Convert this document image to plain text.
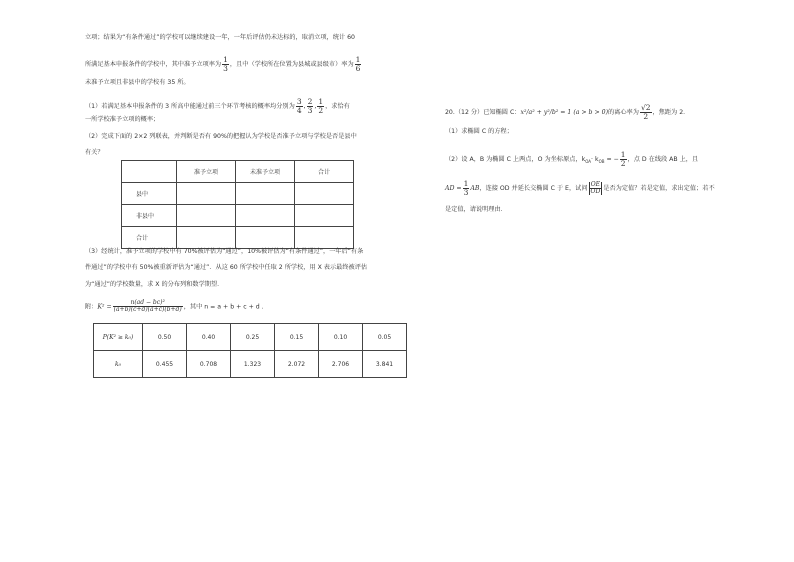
立项；结果为“有条件通过”的学校可以继续建设一年，一年后评估仍未达标的，取消立项，统计 60
所满足基本申报条件的学校中，其中准予立项率为 $\frac{1}{3}$ ，且中（学校所在位置为县城或县级市）率为 $\frac{1}{6}$
未准予立项且非县中的学校有 35 所。
（1）若满足基本申报条件的 3 所高中能通过前三个环节考核的概率均分别为 $\frac{3}{4}$ , $\frac{2}{3}$ , $\frac{1}{2}$ ，求恰有
一所学校准予立项的概率；
（2）完成下面的 2×2 列联表，并判断是否有 90%的把握认为学校是否准予立项与学校是否是县中
有关？
	准予立项	未准予立项	合计
县中			
非县中			
合计			
（3）经统计，准予立项的学校中有 70%被评估为“通过”，10%被评估为“有条件通过”，一年后“有条
件通过”的学校中有 50%被重新评估为“通过”．从这 60 所学校中任取 2 所学校，用 X 表示最终被评估
为“通过”的学校数量，求 X 的分布列和数学期望．
附：$K^2 = \frac{\text{n(ad − bc)²}}{(a+b)(c+d)(a+c)(b+d)}$ ，其中 n = a + b + c + d ．
P(K² ≥ k₀)	0.50	0.40	0.25	0.15	0.10	0.05
k₀	0.455	0.708	1.323	2.072	2.706	3.841
20.（12 分）已知椭圆 C：x²/a² + y²/b² = 1 (a > b > 0)的离心率为 $\frac{√2}{2}$ ，焦距为 2．
（1）求椭圆 C 的方程；
（2）设 A，B 为椭圆 C 上两点，O 为坐标原点，$k_{OA}\cdot k_{OB}$ = − $\frac{1}{2}$ ，点 D 在线段 AB 上，且
AD = $\frac{1}{3}$ AB，连接 OD 并延长交椭圆 C 于 E，试问 $\frac{OE}{OD}$ 是否为定值？若是定值，求出定值；若不
是定值，请说明理由．
